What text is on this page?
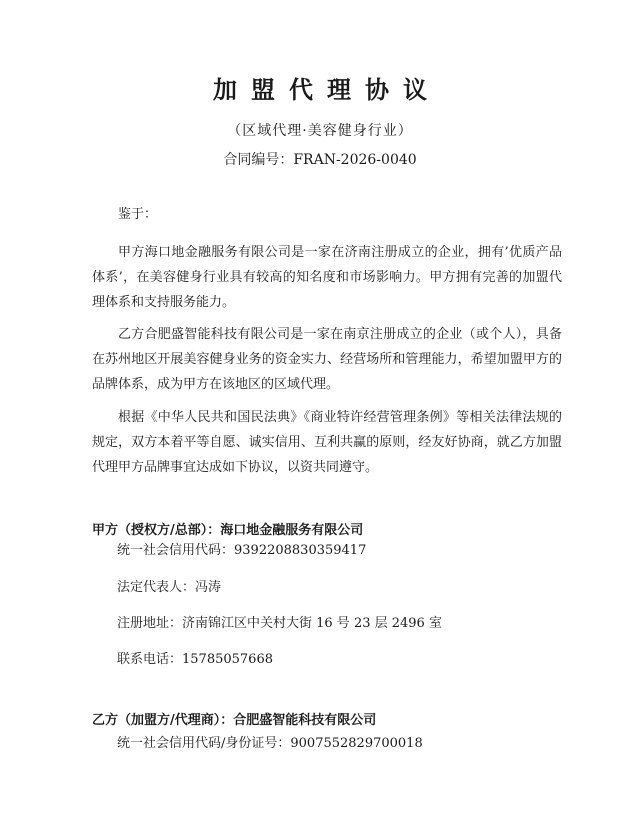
加盟代理协议
（区域代理·美容健身行业）
合同编号：FRAN-2026-0040
鉴于：
甲方海口地金融服务有限公司是一家在济南注册成立的企业，拥有’优质产品体系’，在美容健身行业具有较高的知名度和市场影响力。甲方拥有完善的加盟代理体系和支持服务能力。
乙方合肥盛智能科技有限公司是一家在南京注册成立的企业（或个人），具备在苏州地区开展美容健身业务的资金实力、经营场所和管理能力，希望加盟甲方的品牌体系，成为甲方在该地区的区域代理。
根据《中华人民共和国民法典》《商业特许经营管理条例》等相关法律法规的规定，双方本着平等自愿、诚实信用、互利共赢的原则，经友好协商，就乙方加盟代理甲方品牌事宜达成如下协议，以资共同遵守。
甲方（授权方/总部）：海口地金融服务有限公司
统一社会信用代码：9392208830359417
法定代表人：冯涛
注册地址：济南锦江区中关村大街 16 号 23 层 2496 室
联系电话：15785057668
乙方（加盟方/代理商）：合肥盛智能科技有限公司
统一社会信用代码/身份证号：9007552829700018
